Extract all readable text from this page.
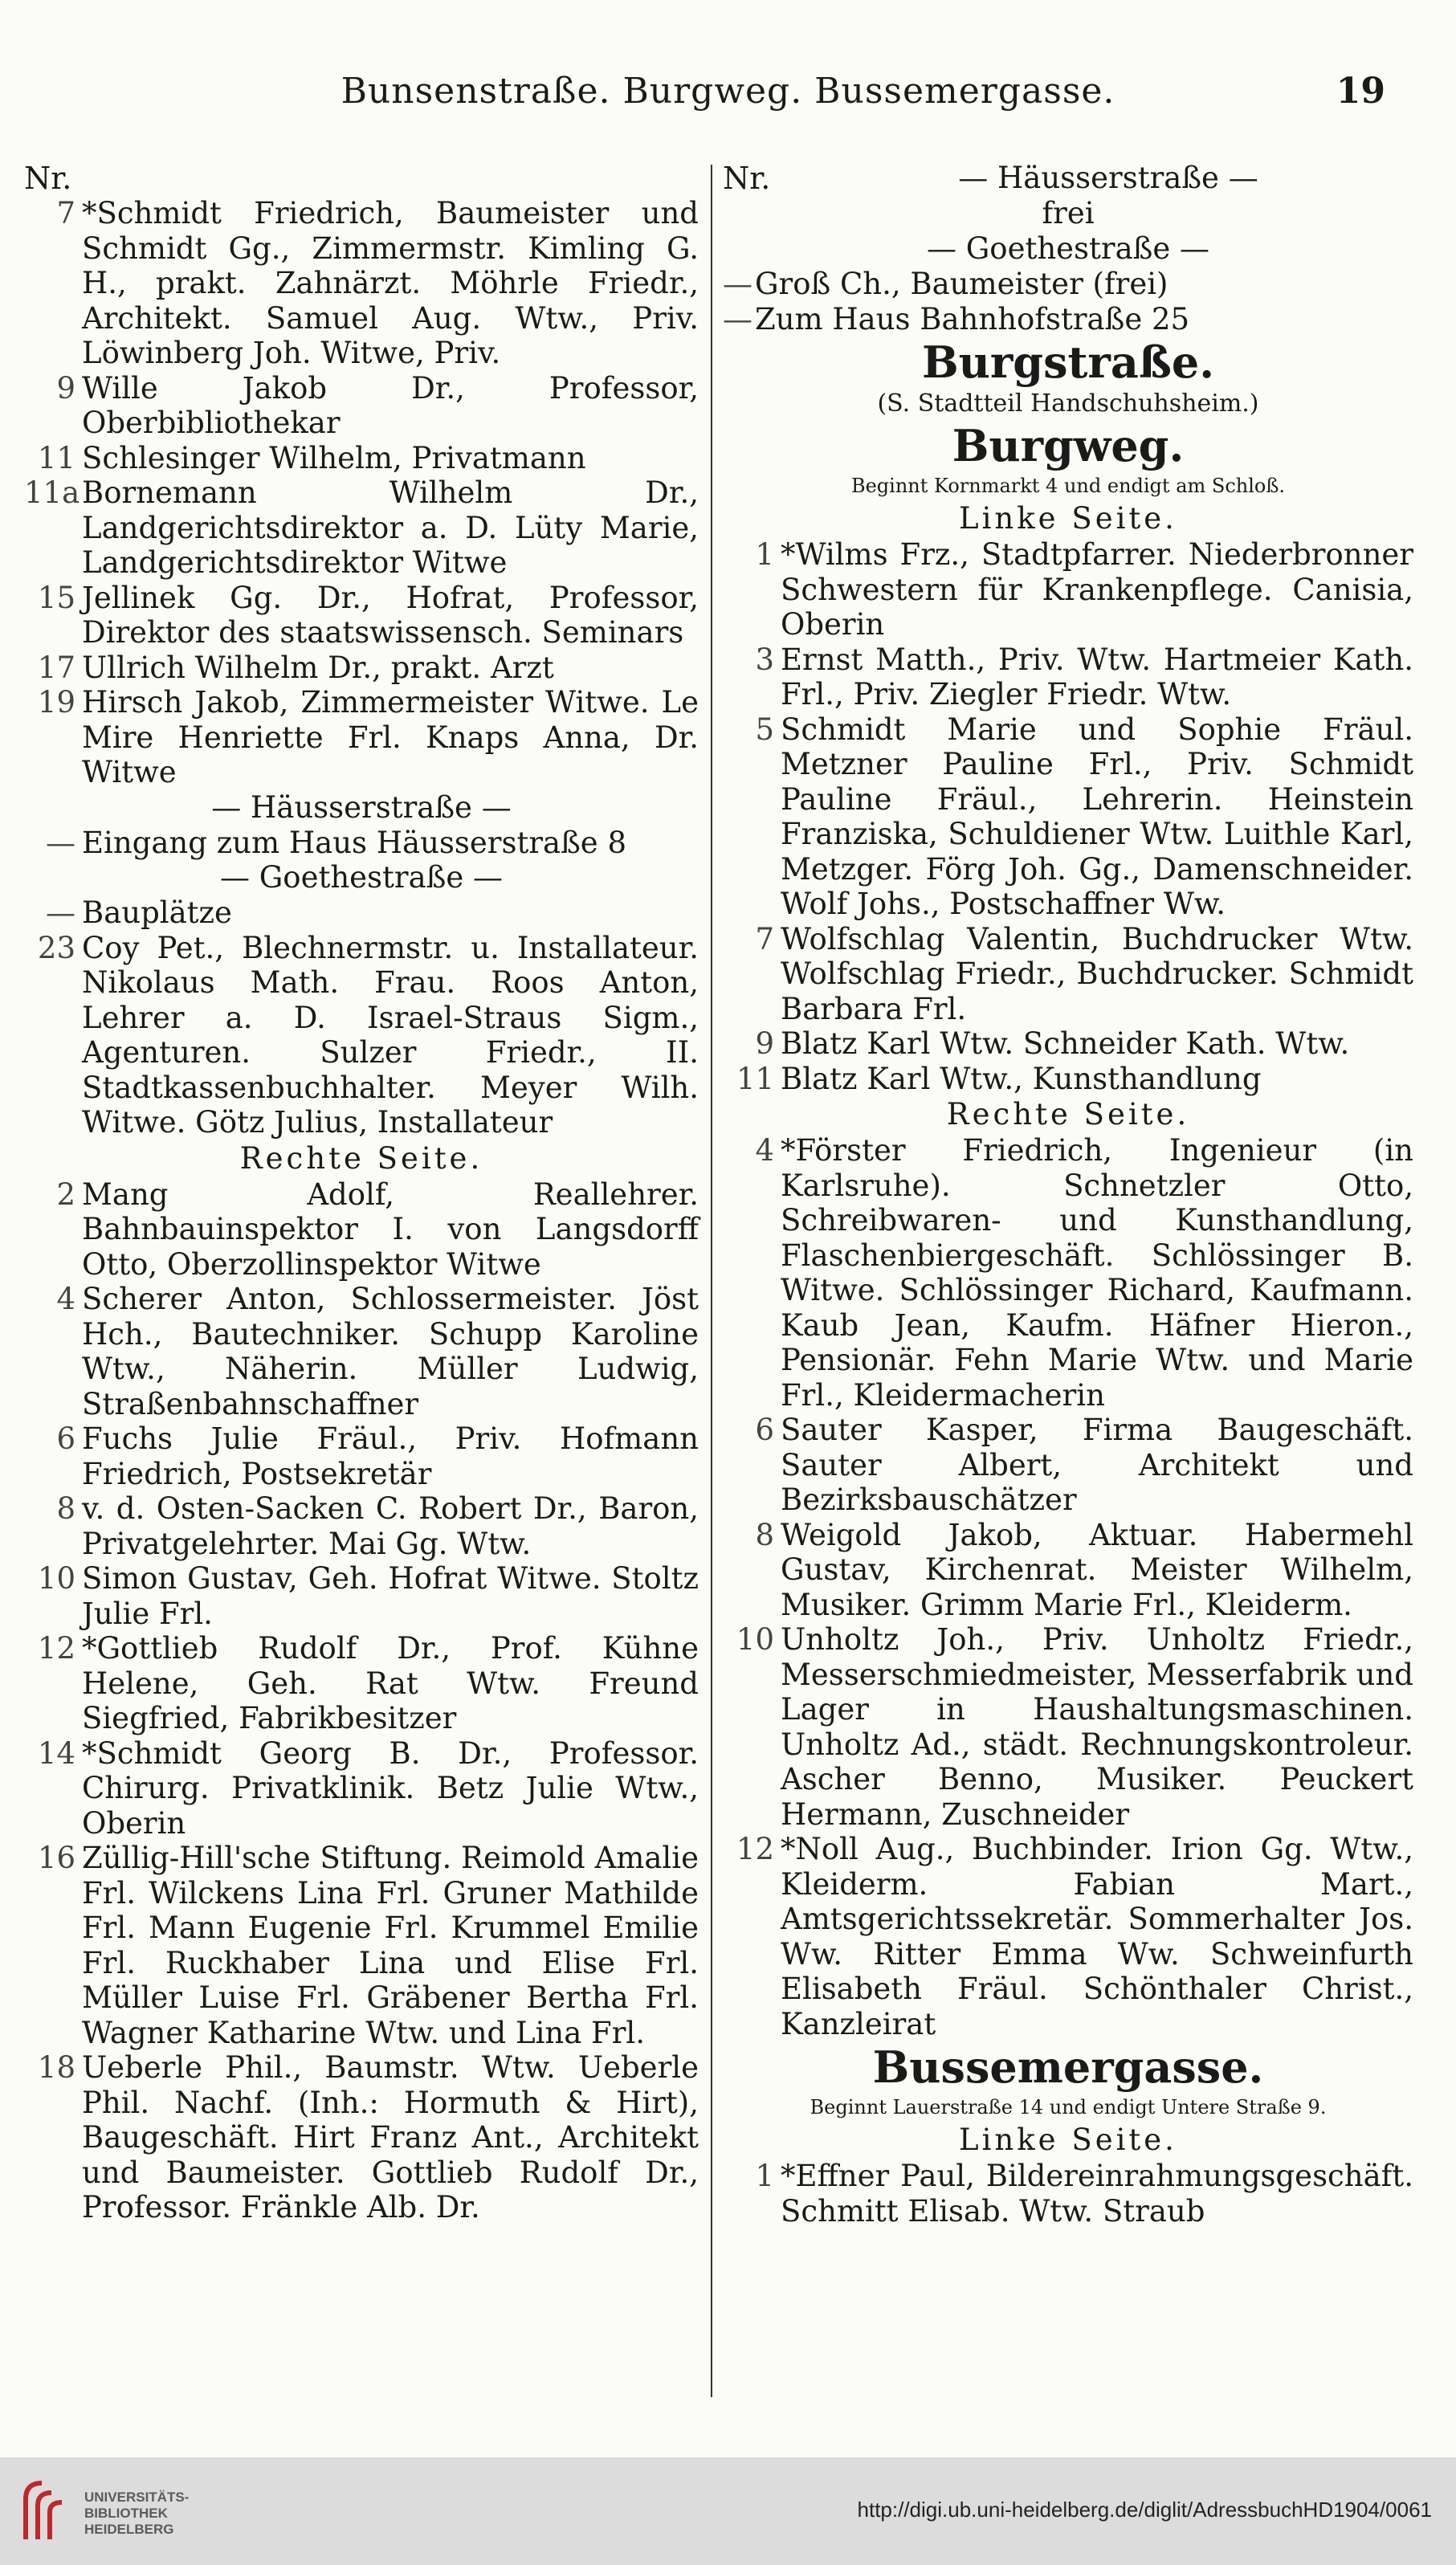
Bunsenstraße. Burgweg. Bussemergasse.	19
Nr.
7 *Schmidt Friedrich, Baumeister und Schmidt Gg., Zimmermstr. Kimling G. H., prakt. Zahnärzt. Möhrle Friedr., Architekt. Samuel Aug. Wtw., Priv. Löwinberg Joh. Witwe, Priv.
9 Wille Jakob Dr., Professor, Oberbibliothekar
11 Schlesinger Wilhelm, Privatmann
11a Bornemann Wilhelm Dr., Landgerichtsdirektor a. D. Lüty Marie, Landgerichtsdirektor Witwe
15 Jellinek Gg. Dr., Hofrat, Professor, Direktor des staatswissensch. Seminars
17 Ullrich Wilhelm Dr., prakt. Arzt
19 Hirsch Jakob, Zimmermeister Witwe. Le Mire Henriette Frl. Knaps Anna, Dr. Witwe
— Häusserstraße —
— Eingang zum Haus Häusserstraße 8
— Goethestraße —
— Bauplätze
23 Coy Pet., Blechnermstr. u. Installateur. Nikolaus Math. Frau. Roos Anton, Lehrer a. D. Israel-Straus Sigm., Agenturen. Sulzer Friedr., II. Stadtkassenbuchhalter. Meyer Wilh. Witwe. Götz Julius, Installateur
Rechte Seite.
2 Mang Adolf, Reallehrer. Bahnbauinspektor I. von Langsdorff Otto, Oberzollinspektor Witwe
4 Scherer Anton, Schlossermeister. Jöst Hch., Bautechniker. Schupp Karoline Wtw., Näherin. Müller Ludwig, Straßenbahnschaffner
6 Fuchs Julie Fräul., Priv. Hofmann Friedrich, Postsekretär
8 v. d. Osten-Sacken C. Robert Dr., Baron, Privatgelehrter. Mai Gg. Wtw.
10 Simon Gustav, Geh. Hofrat Witwe. Stoltz Julie Frl.
12 *Gottlieb Rudolf Dr., Prof. Kühne Helene, Geh. Rat Wtw. Freund Siegfried, Fabrikbesitzer
14 *Schmidt Georg B. Dr., Professor. Chirurg. Privatklinik. Betz Julie Wtw., Oberin
16 Züllig-Hill'sche Stiftung. Reimold Amalie Frl. Wilckens Lina Frl. Gruner Mathilde Frl. Mann Eugenie Frl. Krummel Emilie Frl. Ruckhaber Lina und Elise Frl. Müller Luise Frl. Gräbener Bertha Frl. Wagner Katharine Wtw. und Lina Frl.
18 Ueberle Phil., Baumstr. Wtw. Ueberle Phil. Nachf. (Inh.: Hormuth & Hirt), Baugeschäft. Hirt Franz Ant., Architekt und Baumeister. Gottlieb Rudolf Dr., Professor. Fränkle Alb. Dr.
Nr.	— Häusserstraße —
frei
— Goethestraße —
— Groß Ch., Baumeister (frei)
— Zum Haus Bahnhofstraße 25
Burgstraße.
(S. Stadtteil Handschuhsheim.)
Burgweg.
Beginnt Kornmarkt 4 und endigt am Schloß.
Linke Seite.
1 *Wilms Frz., Stadtpfarrer. Niederbronner Schwestern für Krankenpflege. Canisia, Oberin
3 Ernst Matth., Priv. Wtw. Hartmeier Kath. Frl., Priv. Ziegler Friedr. Wtw.
5 Schmidt Marie und Sophie Fräul. Metzner Pauline Frl., Priv. Schmidt Pauline Fräul., Lehrerin. Heinstein Franziska, Schuldiener Wtw. Luithle Karl, Metzger. Förg Joh. Gg., Damenschneider. Wolf Johs., Postschaffner Ww.
7 Wolfschlag Valentin, Buchdrucker Wtw. Wolfschlag Friedr., Buchdrucker. Schmidt Barbara Frl.
9 Blatz Karl Wtw. Schneider Kath. Wtw.
11 Blatz Karl Wtw., Kunsthandlung
Rechte Seite.
4 *Förster Friedrich, Ingenieur (in Karlsruhe). Schnetzler Otto, Schreibwaren- und Kunsthandlung, Flaschenbiergeschäft. Schlössinger B. Witwe. Schlössinger Richard, Kaufmann. Kaub Jean, Kaufm. Häfner Hieron., Pensionär. Fehn Marie Wtw. und Marie Frl., Kleidermacherin
6 Sauter Kasper, Firma Baugeschäft. Sauter Albert, Architekt und Bezirksbauschätzer
8 Weigold Jakob, Aktuar. Habermehl Gustav, Kirchenrat. Meister Wilhelm, Musiker. Grimm Marie Frl., Kleiderm.
10 Unholtz Joh., Priv. Unholtz Friedr., Messerschmiedmeister, Messerfabrik und Lager in Haushaltungsmaschinen. Unholtz Ad., städt. Rechnungskontroleur. Ascher Benno, Musiker. Peuckert Hermann, Zuschneider
12 *Noll Aug., Buchbinder. Irion Gg. Wtw., Kleiderm. Fabian Mart., Amtsgerichtssekretär. Sommerhalter Jos. Ww. Ritter Emma Ww. Schweinfurth Elisabeth Fräul. Schönthaler Christ., Kanzleirat
Bussemergasse.
Beginnt Lauerstraße 14 und endigt Untere Straße 9.
Linke Seite.
1 *Effner Paul, Bildereinrahmungsgeschäft. Schmitt Elisab. Wtw. Straub
UNIVERSITÄTS-
BIBLIOTHEK
HEIDELBERG
http://digi.ub.uni-heidelberg.de/diglit/AdressbuchHD1904/0061
